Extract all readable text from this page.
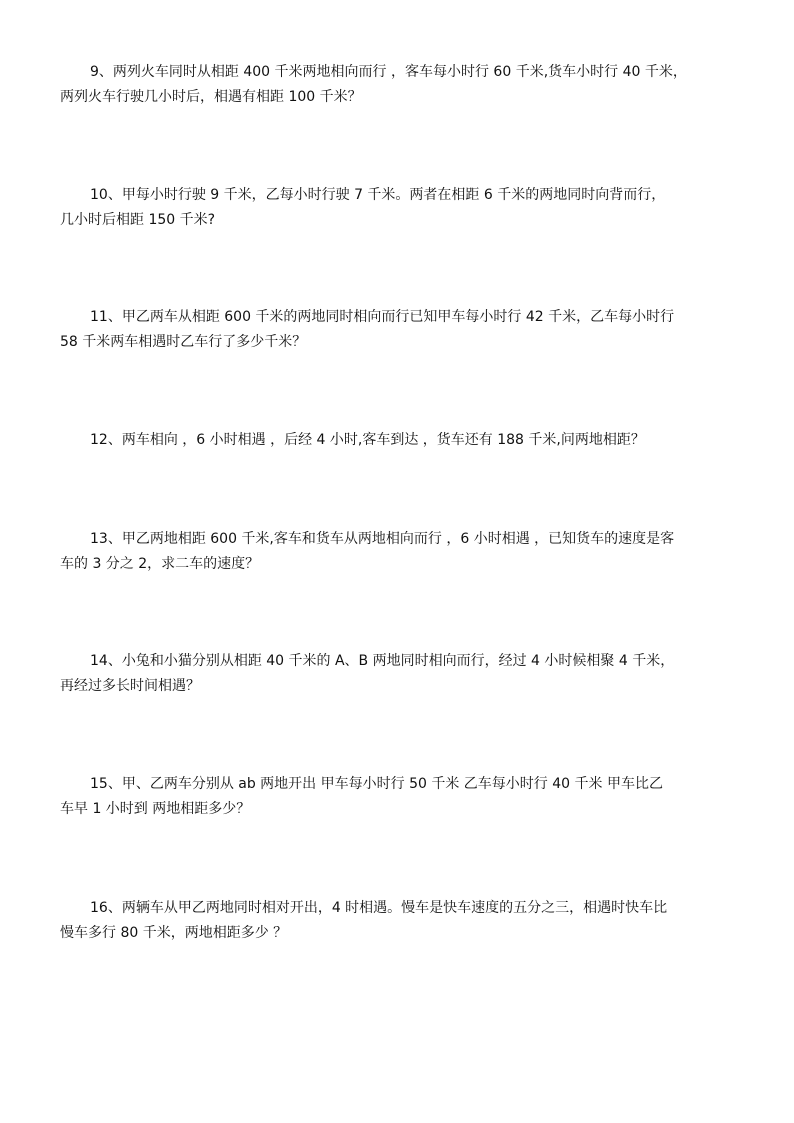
9、两列火车同时从相距 400 千米两地相向而行 ，客车每小时行 60 千米,货车小时行 40 千米，
两列火车行驶几小时后，相遇有相距 100 千米？
10、甲每小时行驶 9 千米，乙每小时行驶 7 千米。两者在相距 6 千米的两地同时向背而行，
几小时后相距 150 千米?
11、甲乙两车从相距 600 千米的两地同时相向而行已知甲车每小时行 42 千米，乙车每小时行
58 千米两车相遇时乙车行了多少千米？
12、两车相向 ，6 小时相遇 ，后经 4 小时,客车到达 ，货车还有 188 千米,问两地相距？
13、甲乙两地相距 600 千米,客车和货车从两地相向而行 ，6 小时相遇 ，已知货车的速度是客
车的 3 分之 2，求二车的速度？
14、小兔和小猫分别从相距 40 千米的 A、B 两地同时相向而行，经过 4 小时候相聚 4 千米，
再经过多长时间相遇？
15、甲、乙两车分别从 ab 两地开出 甲车每小时行 50 千米 乙车每小时行 40 千米 甲车比乙
车早 1 小时到 两地相距多少？
16、两辆车从甲乙两地同时相对开出，4 时相遇。慢车是快车速度的五分之三，相遇时快车比
慢车多行 80 千米，两地相距多少 ？
